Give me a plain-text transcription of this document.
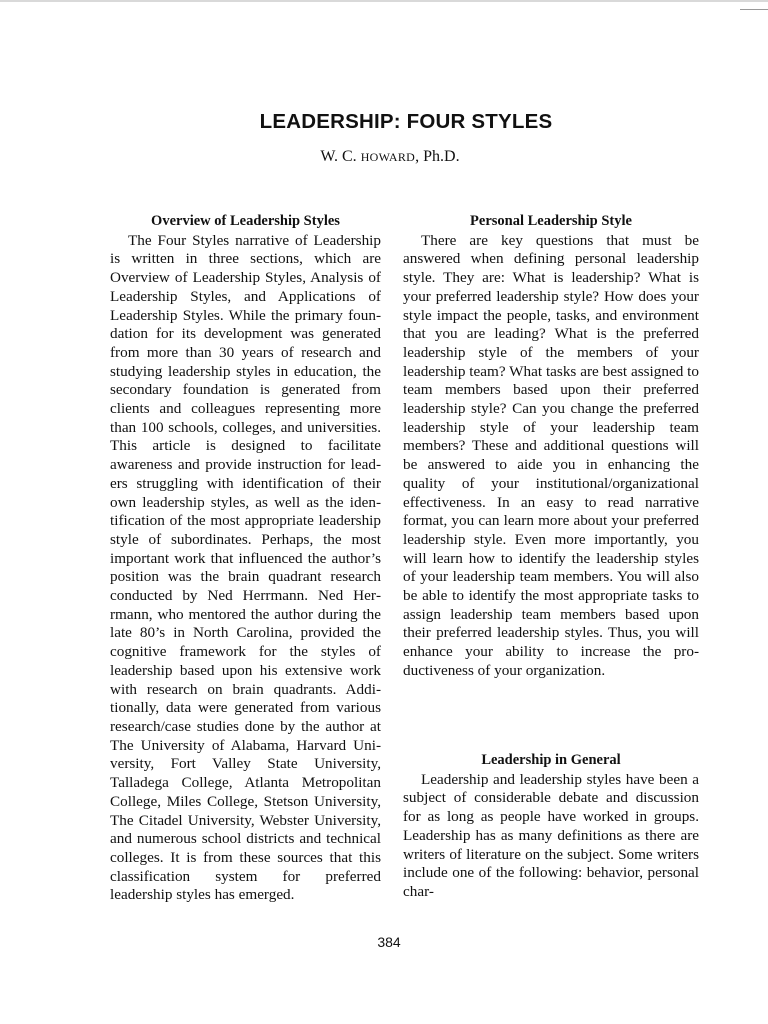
LEADERSHIP: FOUR STYLES
W. C. HOWARD, Ph.D.

Overview of Leadership Styles

The Four Styles narrative of Leadership is written in three sections, which are Overview of Leadership Styles, Analysis of Leadership Styles, and Applications of Leadership Styles. While the primary foundation for its development was generated from more than 30 years of research and studying leadership styles in education, the secondary foundation is generated from clients and colleagues representing more than 100 schools, colleges, and universities. This article is designed to facilitate awareness and provide instruction for leaders struggling with identification of their own leadership styles, as well as the identification of the most appropriate leadership style of subordinates. Perhaps, the most important work that influenced the author’s position was the brain quadrant research conducted by Ned Herrmann. Ned Herrmann, who mentored the author during the late 80’s in North Carolina, provided the cognitive framework for the styles of leadership based upon his extensive work with research on brain quadrants. Additionally, data were generated from various research/case studies done by the author at The University of Alabama, Harvard University, Fort Valley State University, Talladega College, Atlanta Metropolitan College, Miles College, Stetson University, The Citadel University, Webster University, and numerous school districts and technical colleges. It is from these sources that this classification system for preferred leadership styles has emerged.

Personal Leadership Style

There are key questions that must be answered when defining personal leadership style. They are: What is leadership? What is your preferred leadership style? How does your style impact the people, tasks, and environment that you are leading? What is the preferred leadership style of the members of your leadership team? What tasks are best assigned to team members based upon their preferred leadership style? Can you change the preferred leadership style of your leadership team members? These and additional questions will be answered to aide you in enhancing the quality of your institutional/organizational effectiveness. In an easy to read narrative format, you can learn more about your preferred leadership style. Even more importantly, you will learn how to identify the leadership styles of your leadership team members. You will also be able to identify the most appropriate tasks to assign leadership team members based upon their preferred leadership styles. Thus, you will enhance your ability to increase the productiveness of your organization.

Leadership in General

Leadership and leadership styles have been a subject of considerable debate and discussion for as long as people have worked in groups. Leadership has as many definitions as there are writers of literature on the subject. Some writers include one of the following: behavior, personal char-

384
